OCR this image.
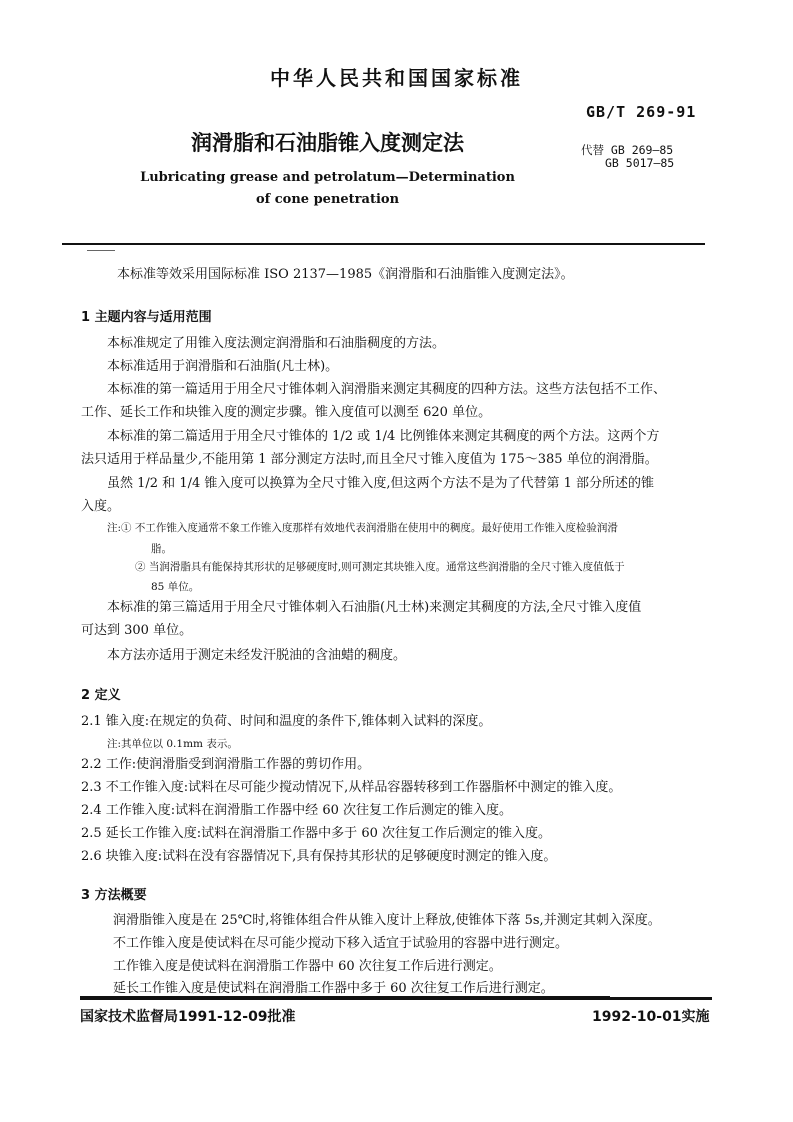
中华人民共和国国家标准
GB/T 269-91
润滑脂和石油脂锥入度测定法	代替 GB 269—85
GB 5017—85
Lubricating grease and petrolatum—Determination
of cone penetration
本标准等效采用国际标准 ISO 2137—1985《润滑脂和石油脂锥入度测定法》。
1 主题内容与适用范围
本标准规定了用锥入度法测定润滑脂和石油脂稠度的方法。
本标准适用于润滑脂和石油脂(凡士林)。
本标准的第一篇适用于用全尺寸锥体刺入润滑脂来测定其稠度的四种方法。这些方法包括不工作、
工作、延长工作和块锥入度的测定步骤。锥入度值可以测至 620 单位。
本标准的第二篇适用于用全尺寸锥体的 1/2 或 1/4 比例锥体来测定其稠度的两个方法。这两个方
法只适用于样品量少,不能用第 1 部分测定方法时,而且全尺寸锥入度值为 175～385 单位的润滑脂。
虽然 1/2 和 1/4 锥入度可以换算为全尺寸锥入度,但这两个方法不是为了代替第 1 部分所述的锥
入度。
注:① 不工作锥入度通常不象工作锥入度那样有效地代表润滑脂在使用中的稠度。最好使用工作锥入度检验润滑
脂。
② 当润滑脂具有能保持其形状的足够硬度时,则可测定其块锥入度。通常这些润滑脂的全尺寸锥入度值低于
85 单位。
本标准的第三篇适用于用全尺寸锥体刺入石油脂(凡士林)来测定其稠度的方法,全尺寸锥入度值
可达到 300 单位。
本方法亦适用于测定未经发汗脱油的含油蜡的稠度。
2 定义
2.1 锥入度:在规定的负荷、时间和温度的条件下,锥体刺入试料的深度。
注:其单位以 0.1mm 表示。
2.2 工作:使润滑脂受到润滑脂工作器的剪切作用。
2.3 不工作锥入度:试料在尽可能少搅动情况下,从样品容器转移到工作器脂杯中测定的锥入度。
2.4 工作锥入度:试料在润滑脂工作器中经 60 次往复工作后测定的锥入度。
2.5 延长工作锥入度:试料在润滑脂工作器中多于 60 次往复工作后测定的锥入度。
2.6 块锥入度:试料在没有容器情况下,具有保持其形状的足够硬度时测定的锥入度。
3 方法概要
润滑脂锥入度是在 25℃时,将锥体组合件从锥入度计上释放,使锥体下落 5s,并测定其刺入深度。
不工作锥入度是使试料在尽可能少搅动下移入适宜于试验用的容器中进行测定。
工作锥入度是使试料在润滑脂工作器中 60 次往复工作后进行测定。
延长工作锥入度是使试料在润滑脂工作器中多于 60 次往复工作后进行测定。
国家技术监督局1991-12-09批准	1992-10-01实施
